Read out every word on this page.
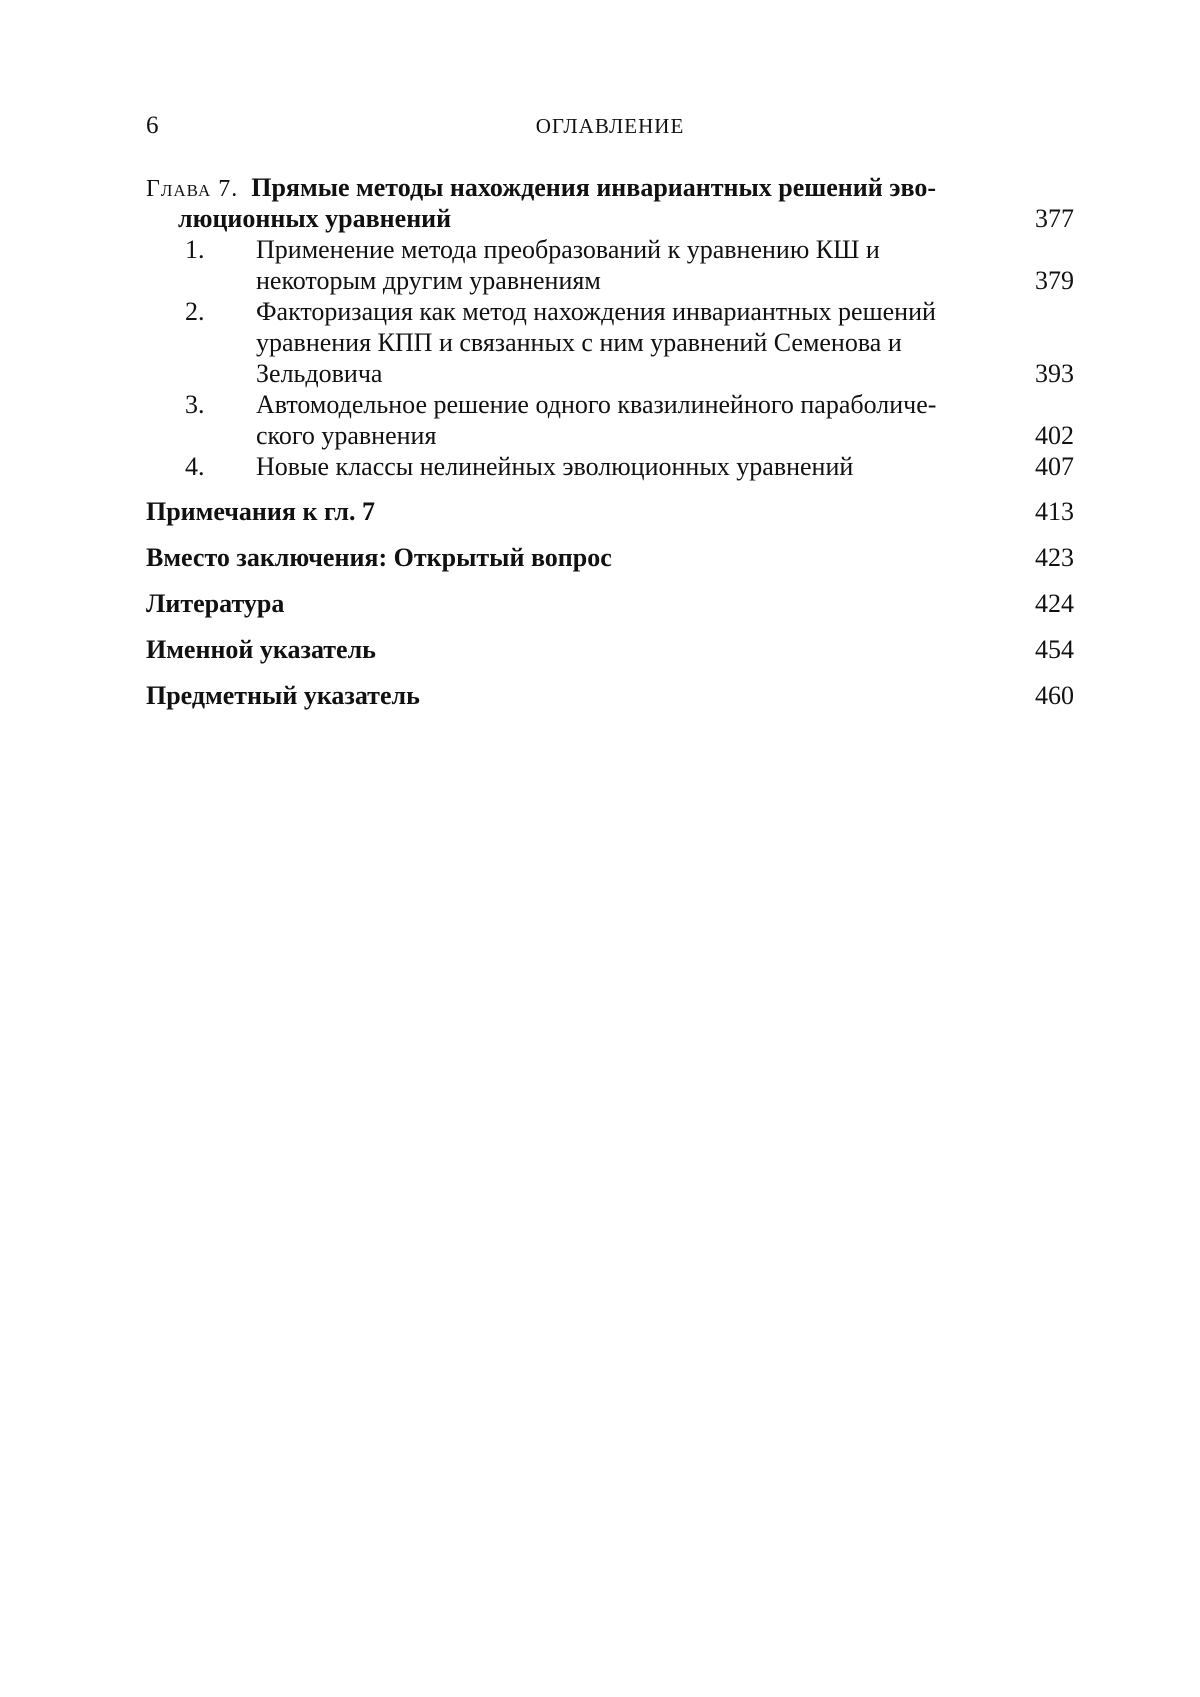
6	ОГЛАВЛЕНИЕ
Глава 7. Прямые методы нахождения инвариантных решений эво-
люционных уравнений	377
1. Применение метода преобразований к уравнению КШ и
некоторым другим уравнениям	379
2. Факторизация как метод нахождения инвариантных решений
уравнения КПП и связанных с ним уравнений Семенова и
Зельдовича	393
3. Автомодельное решение одного квазилинейного параболиче-
ского уравнения	402
4. Новые классы нелинейных эволюционных уравнений	407
Примечания к гл. 7	413
Вместо заключения: Открытый вопрос	423
Литература	424
Именной указатель	454
Предметный указатель	460
